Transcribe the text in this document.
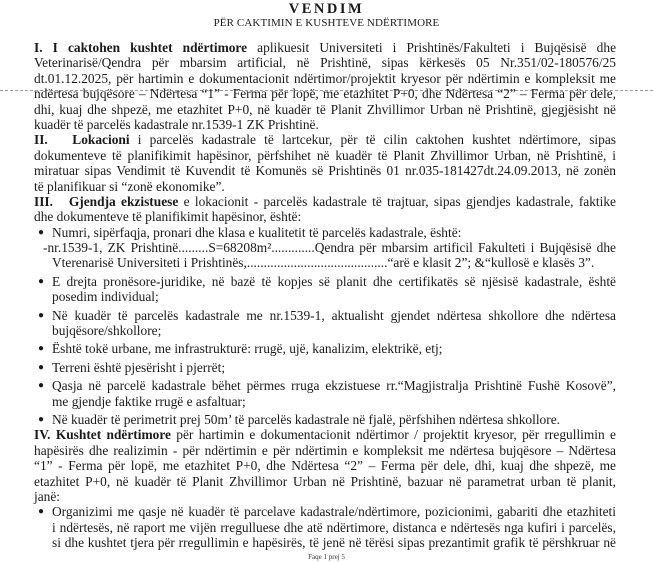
VENDIM
PËR CAKTIMIN E KUSHTEVE NDËRTIMORE
I. I caktohen kushtet ndërtimore aplikuesit Universiteti i Prishtinës/Fakulteti i Bujqësisë dhe
Veterinarisë/Qendra për mbarsim artificial, në Prishtinë, sipas kërkesës 05 Nr.351/02-180576/25
dt.01.12.2025, për hartimin e dokumentacionit ndërtimor/projektit kryesor për ndërtimin e kompleksit me
ndërtesa bujqësore – Ndërtesa “1” - Ferma për lopë, me etazhitet P+0, dhe Ndërtesa “2” – Ferma për dele,
dhi, kuaj dhe shpezë, me etazhitet P+0, në kuadër të Planit Zhvillimor Urban në Prishtinë, gjegjësisht në
kuadër të parcelës kadastrale nr.1539-1 ZK Prishtinë.
II.   Lokacioni i parcelës kadastrale të lartcekur, për të cilin caktohen kushtet ndërtimore, sipas
dokumenteve të planifikimit hapësinor, përfshihet në kuadër të Planit Zhvillimor Urban, në Prishtinë, i
miratuar sipas Vendimit të Kuvendit të Komunës së Prishtinës 01 nr.035-181427dt.24.09.2013, në zonën
të planifikuar si “zonë ekonomike”.
III.   Gjendja ekzistuese e lokacionit - parcelës kadastrale të trajtuar, sipas gjendjes kadastrale, faktike
dhe dokumenteve të planifikimit hapësinor, është:
● Numri, sipërfaqja, pronari dhe klasa e kualitetit të parcelës kadastrale, është:
-nr.1539-1, ZK Prishtinë.........S=68208m².............Qendra për mbarsim artificil Fakulteti i Bujqësisë dhe
Vterenarisë Universiteti i Prishtinës,..........................................“arë e klasit 2”; &“kullosë e klasës 3”.
● E drejta pronësore-juridike, në bazë të kopjes së planit dhe certifikatës së njësisë kadastrale, është
posedim individual;
● Në kuadër të parcelës kadastrale me nr.1539-1, aktualisht gjendet ndërtesa shkollore dhe ndërtesa
bujqësore/shkollore;
● Është tokë urbane, me infrastrukturë: rrugë, ujë, kanalizim, elektrikë, etj;
● Terreni është pjesërisht i pjerrët;
● Qasja në parcelë kadastrale bëhet përmes rruga ekzistuese rr.“Magjistralja Prishtinë Fushë Kosovë”,
me gjendje faktike rrugë e asfaltuar;
● Në kuadër të perimetrit prej 50m’ të parcelës kadastrale në fjalë, përfshihen ndërtesa shkollore.
IV. Kushtet ndërtimore për hartimin e dokumentacionit ndërtimor / projektit kryesor, për rregullimin e
hapësirës dhe realizimin - për ndërtimin e për ndërtimin e kompleksit me ndërtesa bujqësore – Ndërtesa
“1” - Ferma për lopë, me etazhitet P+0, dhe Ndërtesa “2” – Ferma për dele, dhi, kuaj dhe shpezë, me
etazhitet P+0, në kuadër të Planit Zhvillimor Urban në Prishtinë, bazuar në parametrat urban të planit,
janë:
● Organizimi me qasje në kuadër të parcelave kadastrale/ndërtimore, pozicionimi, gabariti dhe etazhiteti
i ndërtesës, në raport me vijën rregulluese dhe atë ndërtimore, distanca e ndërtesës nga kufiri i parcelës,
si dhe kushtet tjera për rregullimin e hapësirës, të jenë në tërësi sipas prezantimit grafik të përshkruar në
Faqe 1 prej 5
